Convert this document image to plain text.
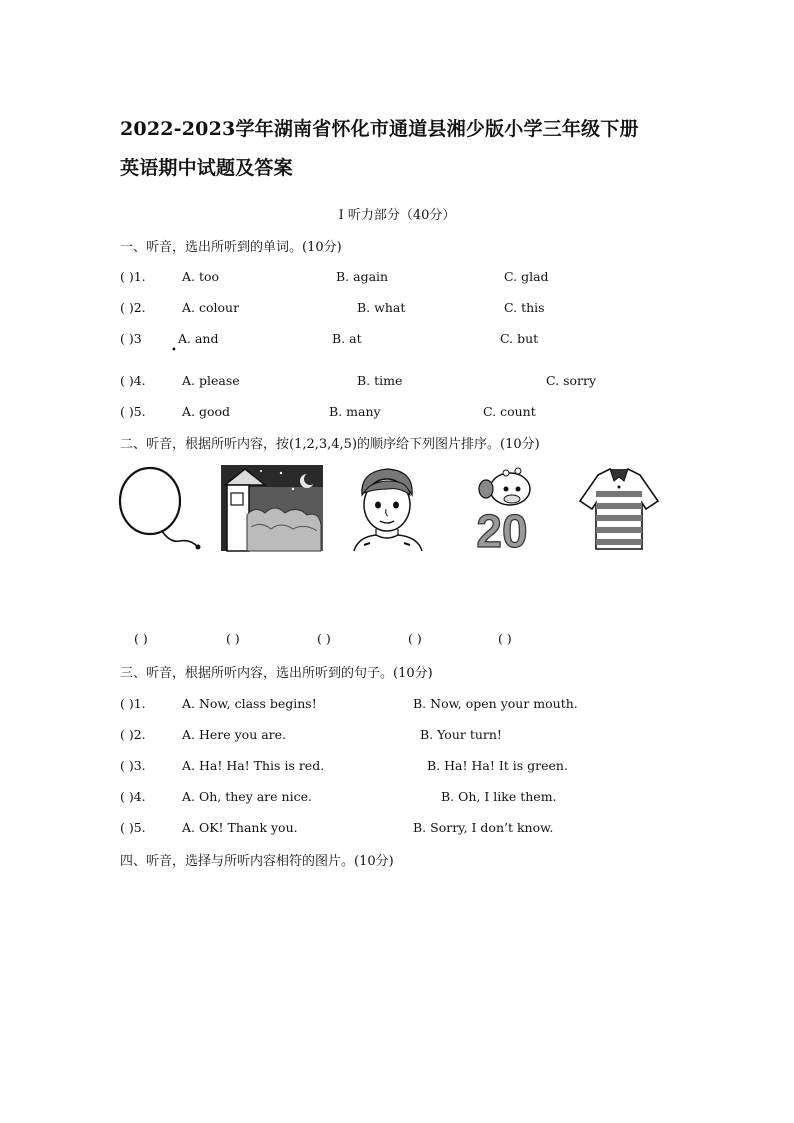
2022-2023学年湖南省怀化市通道县湘少版小学三年级下册
英语期中试题及答案
I 听力部分（40分）
一、听音，选出所听到的单词。(10分)
( )1.	A. too	B. again	C. glad
( )2.	A. colour	B. what	C. this
( )3	A. and	B. at	C. but
•
( )4.	A. please	B. time	C. sorry
( )5.	A. good	B. many	C. count
二、听音，根据所听内容，按(1,2,3,4,5)的顺序给下列图片排序。(10分)
20
( )	( )	( )	( )	( )
三、听音，根据所听内容，选出所听到的句子。(10分)
( )1.	A. Now, class begins!	B. Now, open your mouth.
( )2.	A. Here you are.	B. Your turn!
( )3.	A. Ha! Ha! This is red.	B. Ha! Ha! It is green.
( )4.	A. Oh, they are nice.	B. Oh, I like them.
( )5.	A. OK! Thank you.	B. Sorry, I don’t know.
四、听音，选择与所听内容相符的图片。(10分)
